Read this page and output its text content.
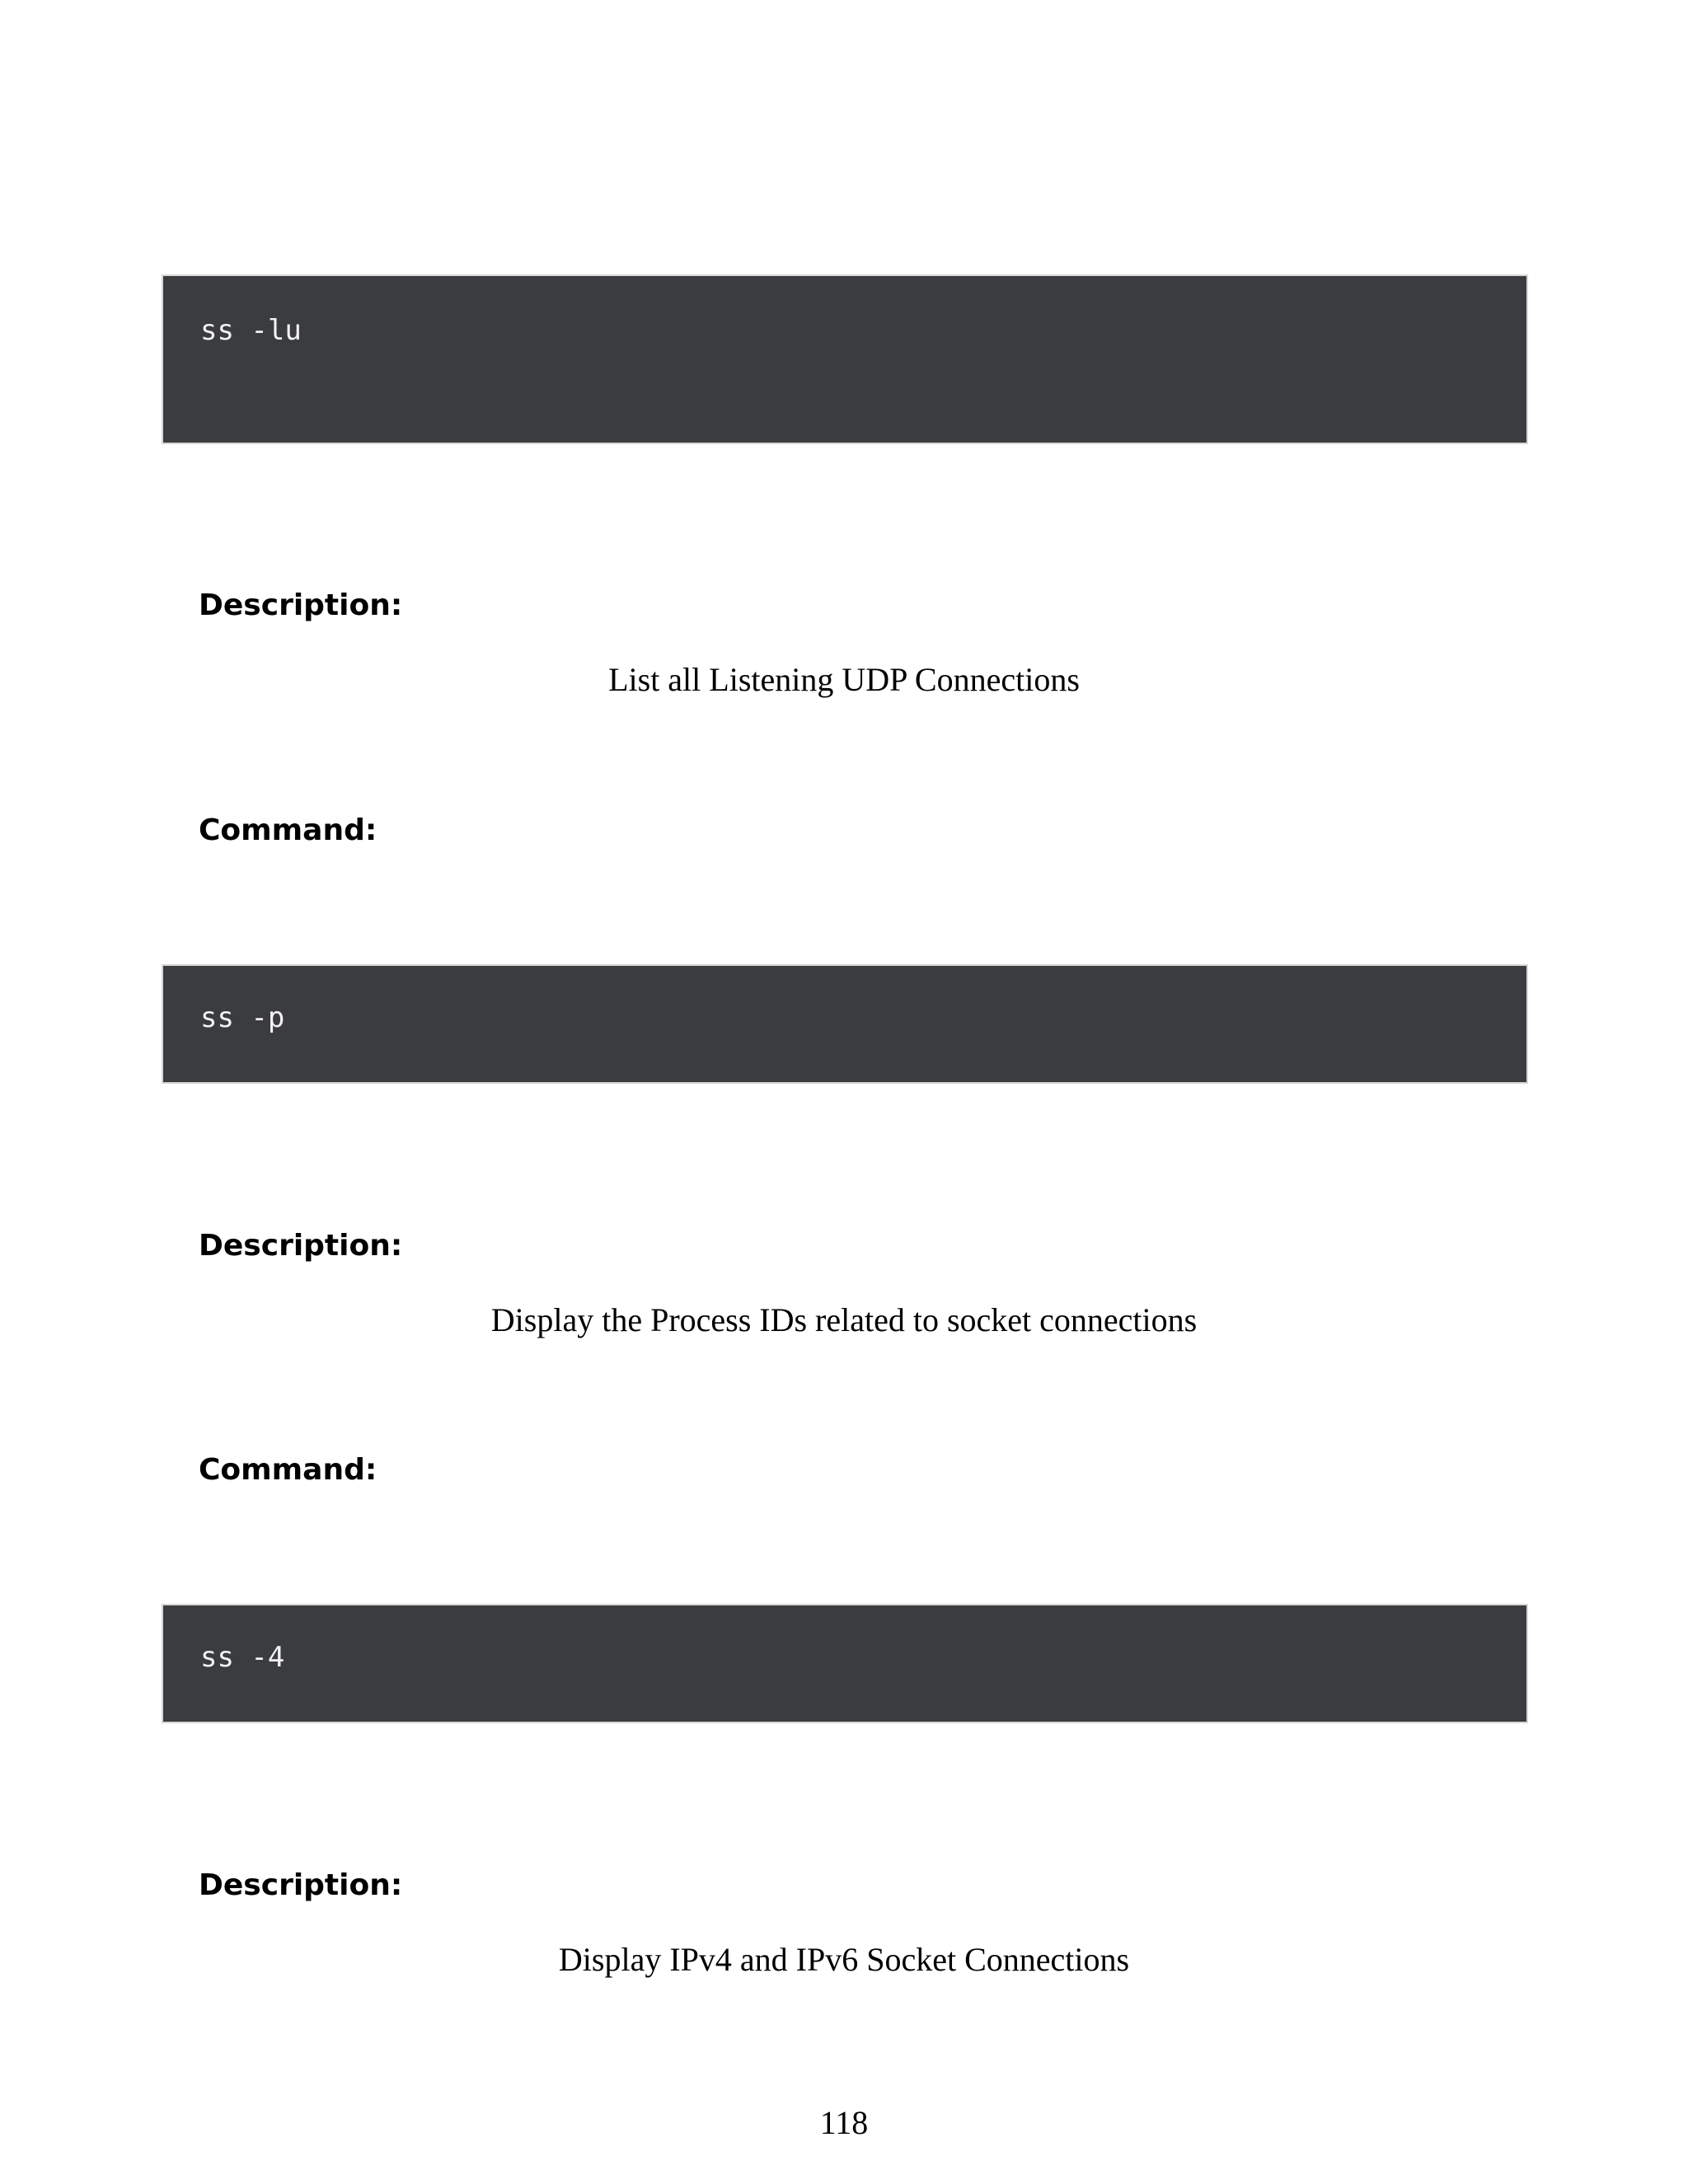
ss -lu
Description:
List all Listening UDP Connections
Command:
ss -p
Description:
Display the Process IDs related to socket connections
Command:
ss -4
Description:
Display IPv4 and IPv6 Socket Connections
118
